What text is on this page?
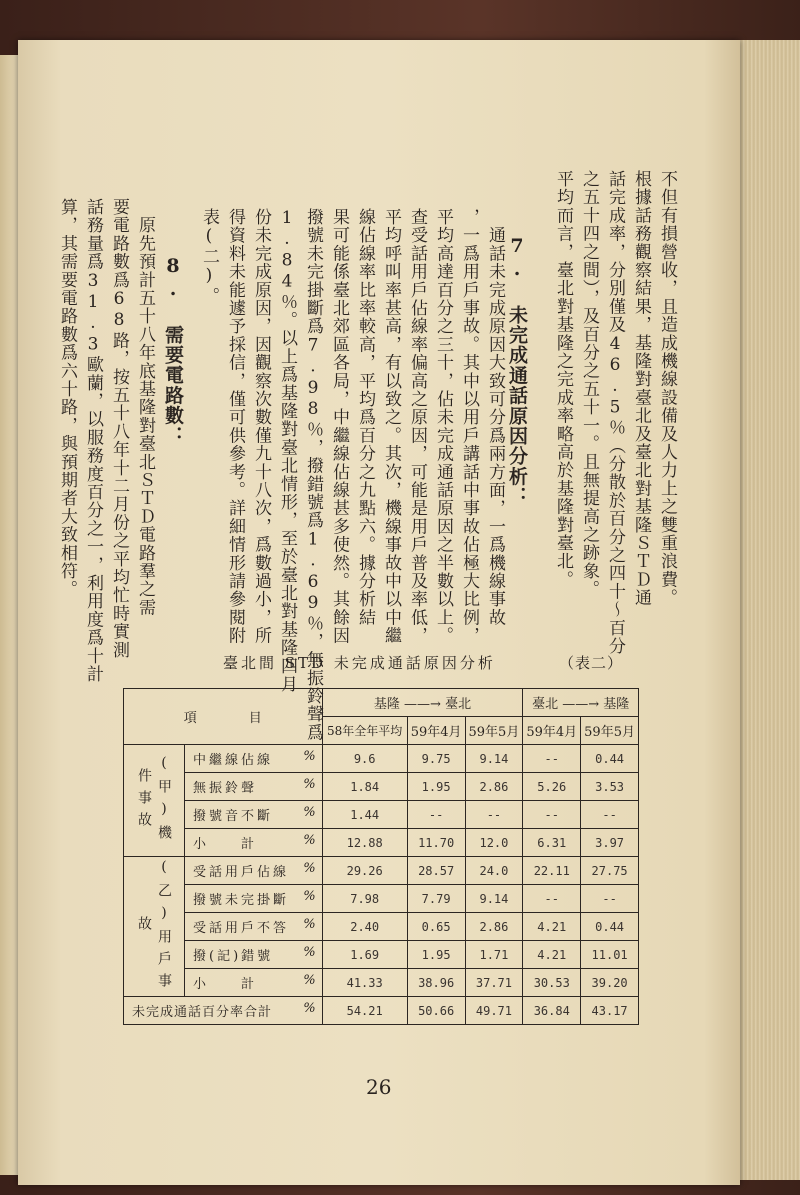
不但有損營收，且造成機線設備及人力上之雙重浪費。
根據話務觀察結果，基隆對臺北及臺北對基隆ＳＴＤ通
話完成率，分別僅及46.5％（分散於百分之四十～百分
之五十四之間），及百分之五十一。且無提高之跡象。
平均而言，臺北對基隆之完成率略高於基隆對臺北。
7. 未完成通話原因分析：
　通話未完成原因大致可分爲兩方面，一爲機線事故
，一爲用戶事故。其中以用戶講話中事故佔極大比例，
平均高達百分之三十，佔未完成通話原因之半數以上。
查受話用戶佔線率偏高之原因，可能是用戶普及率低，
平均呼叫率甚高，有以致之。其次，機線事故中以中繼
線佔線率比率較高，平均爲百分之九點六。據分析結
果可能係臺北郊區各局，中繼線佔線甚多使然。其餘因
撥號未完掛斷爲7.98％，撥錯號爲1.69％，無振鈴聲爲
1.84％。以上爲基隆對臺北情形，至於臺北對基隆四月
份未完成原因，因觀察次數僅九十八次，爲數過小，所
得資料未能遽予採信，僅可供參考。詳細情形請參閱附
表(二)。
8. 需要電路數：
　原先預計五十八年底基隆對臺北ＳＴＤ電路羣之需
要電路數爲68路，按五十八年十二月份之平均忙時實測
話務量爲31.3歐蘭，以服務度百分之一，利用度爲十計
算，其需要電路數爲六十路，與預期者大致相符。
臺北間 STD 未完成通話原因分析	（表二）
項　　　　目		基隆 ——→ 臺北			臺北 ——→ 基隆	
		58年全年平均	59年4月	59年5月	59年4月	59年5月

(甲)機件事故	中繼線佔線 %	9.6	9.75	9.14	--	0.44
	無振鈴聲 %	1.84	1.95	2.86	5.26	3.53
	撥號音不斷 %	1.44	--	--	--	--
	小　　計 %	12.88	11.70	12.0	6.31	3.97

(乙)用戶事故	受話用戶佔線 %	29.26	28.57	24.0	22.11	27.75
	撥號未完掛斷 %	7.98	7.79	9.14	--	--
	受話用戶不答 %	2.40	0.65	2.86	4.21	0.44
	撥(記)錯號 %	1.69	1.95	1.71	4.21	11.01
	小　　計 %	41.33	38.96	37.71	30.53	39.20
未完成通話百分率合計 %		54.21	50.66	49.71	36.84	43.17
26
